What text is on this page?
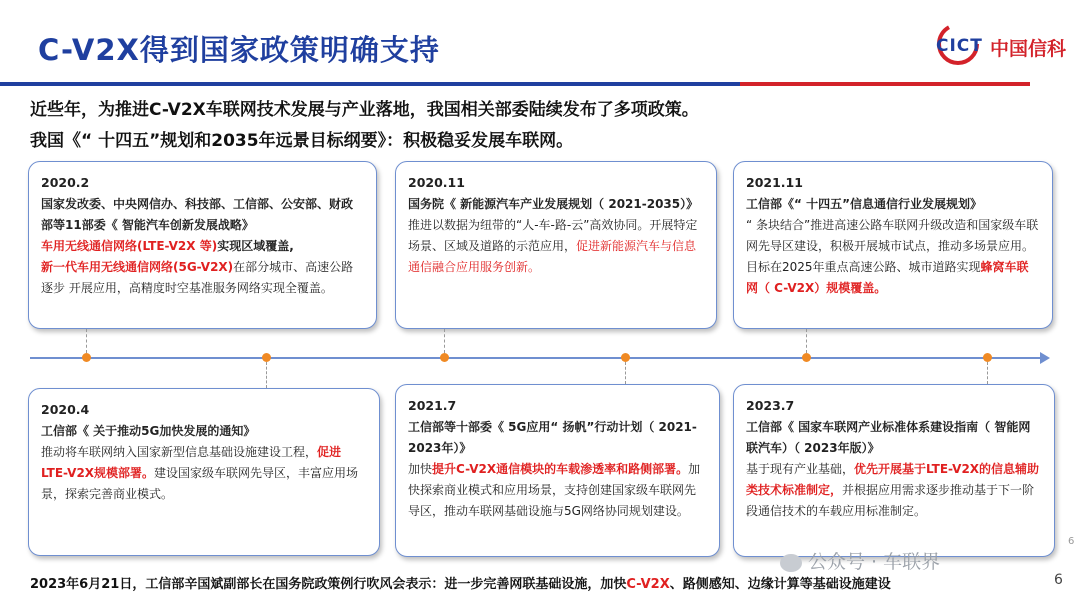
C-V2X得到国家政策明确支持	CICT 中国信科
近些年，为推进C-V2X车联网技术发展与产业落地，我国相关部委陆续发布了多项政策。
我国《“ 十四五”规划和2035年远景目标纲要》：积极稳妥发展车联网。
2020.2
国家发改委、中央网信办、科技部、工信部、公安部、财政部等11部委《 智能汽车创新发展战略》
车用无线通信网络(LTE-V2X 等)实现区域覆盖,
新一代车用无线通信网络(5G-V2X)在部分城市、高速公路逐步 开展应用，高精度时空基准服务网络实现全覆盖。
2020.11
国务院《 新能源汽车产业发展规划（ 2021-2035）》
推进以数据为纽带的“人-车-路-云”高效协同。开展特定场景、区域及道路的示范应用，促进新能源汽车与信息通信融合应用服务创新。
2021.11
工信部《“ 十四五”信息通信行业发展规划》
“ 条块结合”推进高速公路车联网升级改造和国家级车联网先导区建设，积极开展城市试点，推动多场景应用。目标在2025年重点高速公路、城市道路实现蜂窝车联网（ C-V2X）规模覆盖。
2020.4
工信部《 关于推动5G加快发展的通知》
推动将车联网纳入国家新型信息基础设施建设工程，促进LTE-V2X规模部署。建设国家级车联网先导区，丰富应用场景，探索完善商业模式。
2021.7
工信部等十部委《 5G应用“ 扬帆”行动计划（ 2021-2023年）》
加快提升C-V2X通信模块的车载渗透率和路侧部署。加快探索商业模式和应用场景，支持创建国家级车联网先导区，推动车联网基础设施与5G网络协同规划建设。
2023.7
工信部《 国家车联网产业标准体系建设指南（ 智能网联汽车）（ 2023年版）》
基于现有产业基础，优先开展基于LTE-V2X的信息辅助类技术标准制定，并根据应用需求逐步推动基于下一阶段通信技术的车载应用标准制定。
公众号 · 车联界
6
2023年6月21日，工信部辛国斌副部长在国务院政策例行吹风会表示：进一步完善网联基础设施，加快C-V2X、路侧感知、边缘计算等基础设施建设	6
